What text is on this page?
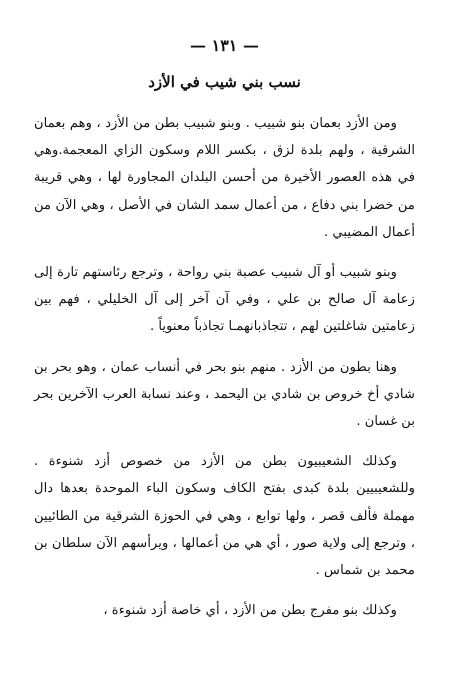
— ١٣١ —
نسب بني شيب في الأزد

ومن الأزد بعمان بنو شبيب . وبنو شبيب بطن من الأزد ، وهم بعمان الشرقية ، ولهم بلدة لزق ، بكسر اللام وسكون الزاي المعجمة.وهي في هذه العصور الأخيرة من أحسن البلدان المجاورة لها ، وهي قريبة من خضرا بني دفاع ، من أعمال سمد الشان في الأصل ، وهي الآن من أعمال المضيبي .

وبنو شبيب أو آل شبيب عصبة بني رواحة ، وترجع رئاستهم تارة إلى زعامة آل صالح بن علي ، وفي آن آخر إلى آل الخليلي ، فهم بين زعامتين شاغلتين لهم ، تتجاذبانهمـا تجاذباً معنوياً .

وهنا بطون من الأزد . منهم بنو بحر في أنساب عمان ، وهو بحر بن شادي أخ خروص بن شادي بن اليحمد ، وعند نسابة العرب الآخرين بحر بن غسان .

وكذلك الشعيبيون بطن من الأزد من خصوص أزد شنوءة . وللشعيبيين بلدة كبدى بفتح الكاف وسكون الباء الموحدة بعدها دال مهملة فألف قصر ، ولها توابع ، وهي في الحوزة الشرقية من الطائيين ، وترجع إلى ولاية صور ، أي هي من أعمالها ، ويرأسهم الآن سلطان بن محمد بن شماس .

وكذلك بنو مفرج بطن من الأزد ، أي خاصة أزد شنوءة ،
